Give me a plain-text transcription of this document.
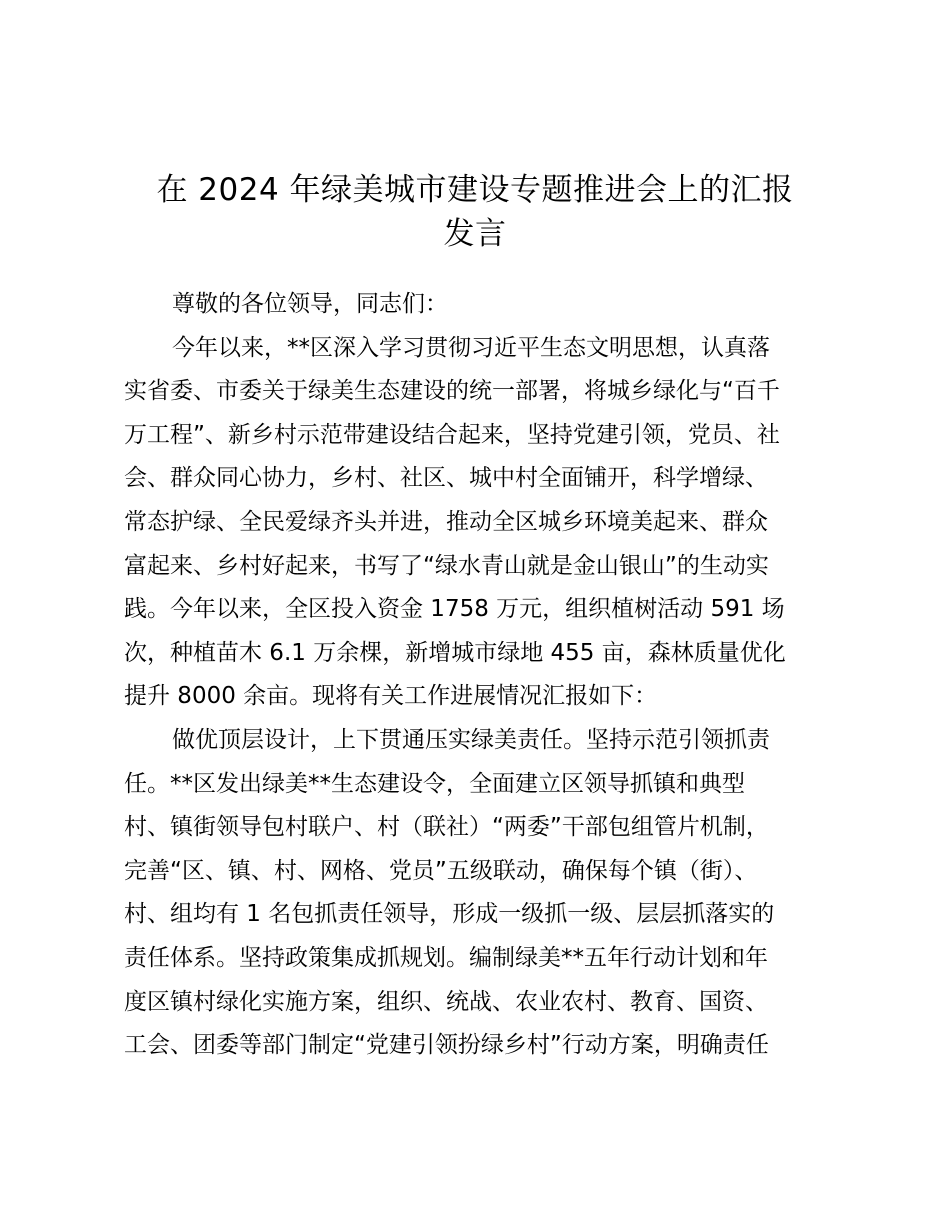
在 2024 年绿美城市建设专题推进会上的汇报
发言
尊敬的各位领导，同志们：
今年以来，**区深入学习贯彻习近平生态文明思想，认真落
实省委、市委关于绿美生态建设的统一部署，将城乡绿化与“百千
万工程”、新乡村示范带建设结合起来，坚持党建引领，党员、社
会、群众同心协力，乡村、社区、城中村全面铺开，科学增绿、
常态护绿、全民爱绿齐头并进，推动全区城乡环境美起来、群众
富起来、乡村好起来，书写了“绿水青山就是金山银山”的生动实
践。今年以来，全区投入资金 1758 万元，组织植树活动 591 场
次，种植苗木 6.1 万余棵，新增城市绿地 455 亩，森林质量优化
提升 8000 余亩。现将有关工作进展情况汇报如下：
做优顶层设计，上下贯通压实绿美责任。坚持示范引领抓责
任。**区发出绿美**生态建设令，全面建立区领导抓镇和典型
村、镇街领导包村联户、村（联社）“两委”干部包组管片机制，
完善“区、镇、村、网格、党员”五级联动，确保每个镇（街）、
村、组均有 1 名包抓责任领导，形成一级抓一级、层层抓落实的
责任体系。坚持政策集成抓规划。编制绿美**五年行动计划和年
度区镇村绿化实施方案，组织、统战、农业农村、教育、国资、
工会、团委等部门制定“党建引领扮绿乡村”行动方案，明确责任
